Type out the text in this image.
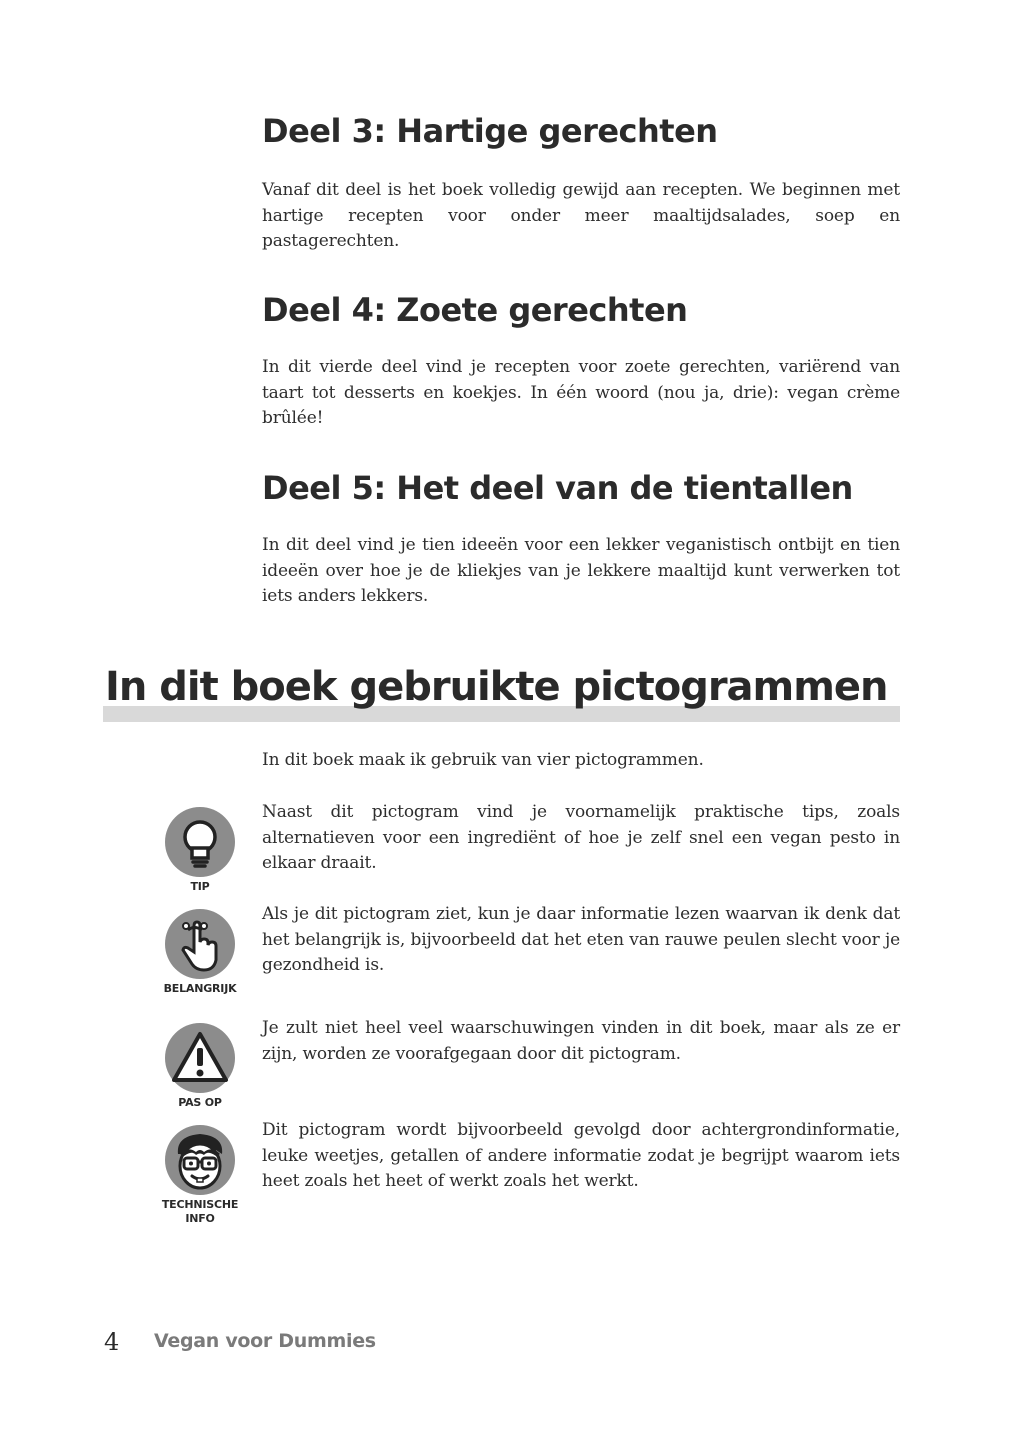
Deel 3: Hartige gerechten

Vanaf dit deel is het boek volledig gewijd aan recepten. We beginnen met hartige recepten voor onder meer maaltijdsalades, soep en pastagerechten.

Deel 4: Zoete gerechten

In dit vierde deel vind je recepten voor zoete gerechten, variërend van taart tot desserts en koekjes. In één woord (nou ja, drie): vegan crème brûlée!

Deel 5: Het deel van de tientallen

In dit deel vind je tien ideeën voor een lekker veganistisch ontbijt en tien ideeën over hoe je de kliekjes van je lekkere maaltijd kunt verwerken tot iets anders lekkers.

In dit boek gebruikte pictogrammen

In dit boek maak ik gebruik van vier pictogrammen.

TIP

Naast dit pictogram vind je voornamelijk praktische tips, zoals alternatieven voor een ingrediënt of hoe je zelf snel een vegan pesto in elkaar draait.

BELANGRIJK

Als je dit pictogram ziet, kun je daar informatie lezen waarvan ik denk dat het belangrijk is, bijvoorbeeld dat het eten van rauwe peulen slecht voor je gezondheid is.

PAS OP

Je zult niet heel veel waarschuwingen vinden in dit boek, maar als ze er zijn, worden ze voorafgegaan door dit pictogram.

TECHNISCHE
INFO

Dit pictogram wordt bijvoorbeeld gevolgd door achtergrondinformatie, leuke weetjes, getallen of andere informatie zodat je begrijpt waarom iets heet zoals het heet of werkt zoals het werkt.

4 Vegan voor Dummies
